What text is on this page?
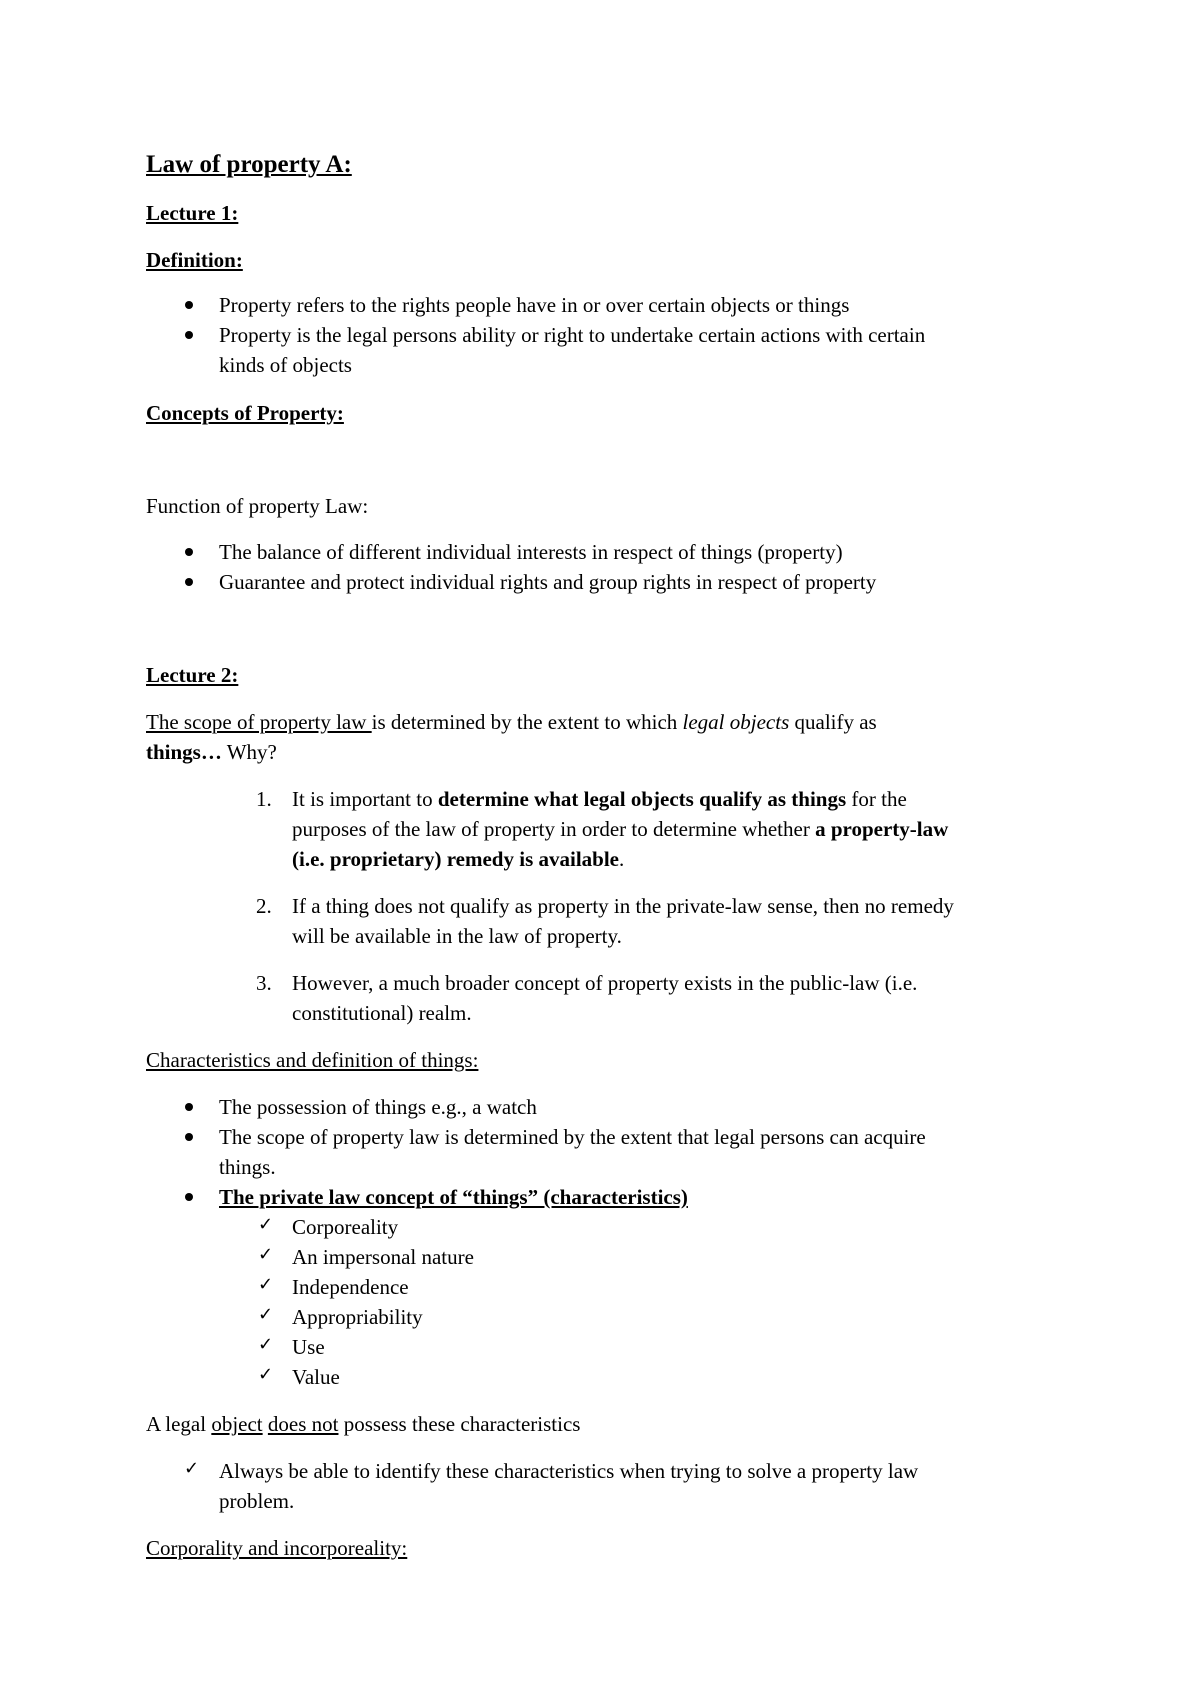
Law of property A:
Lecture 1:
Definition:
Property refers to the rights people have in or over certain objects or things
Property is the legal persons ability or right to undertake certain actions with certain
kinds of objects
Concepts of Property:
Function of property Law:
The balance of different individual interests in respect of things (property)
Guarantee and protect individual rights and group rights in respect of property
Lecture 2:
The scope of property law is determined by the extent to which legal objects qualify as
things… Why?
1. It is important to determine what legal objects qualify as things for the
purposes of the law of property in order to determine whether a property-law
(i.e. proprietary) remedy is available.
2. If a thing does not qualify as property in the private-law sense, then no remedy
will be available in the law of property.
3. However, a much broader concept of property exists in the public-law (i.e.
constitutional) realm.
Characteristics and definition of things:
The possession of things e.g., a watch
The scope of property law is determined by the extent that legal persons can acquire
things.
The private law concept of “things” (characteristics)
✓ Corporeality
✓ An impersonal nature
✓ Independence
✓ Appropriability
✓ Use
✓ Value
A legal object does not possess these characteristics
✓ Always be able to identify these characteristics when trying to solve a property law
problem.
Corporality and incorporeality:
